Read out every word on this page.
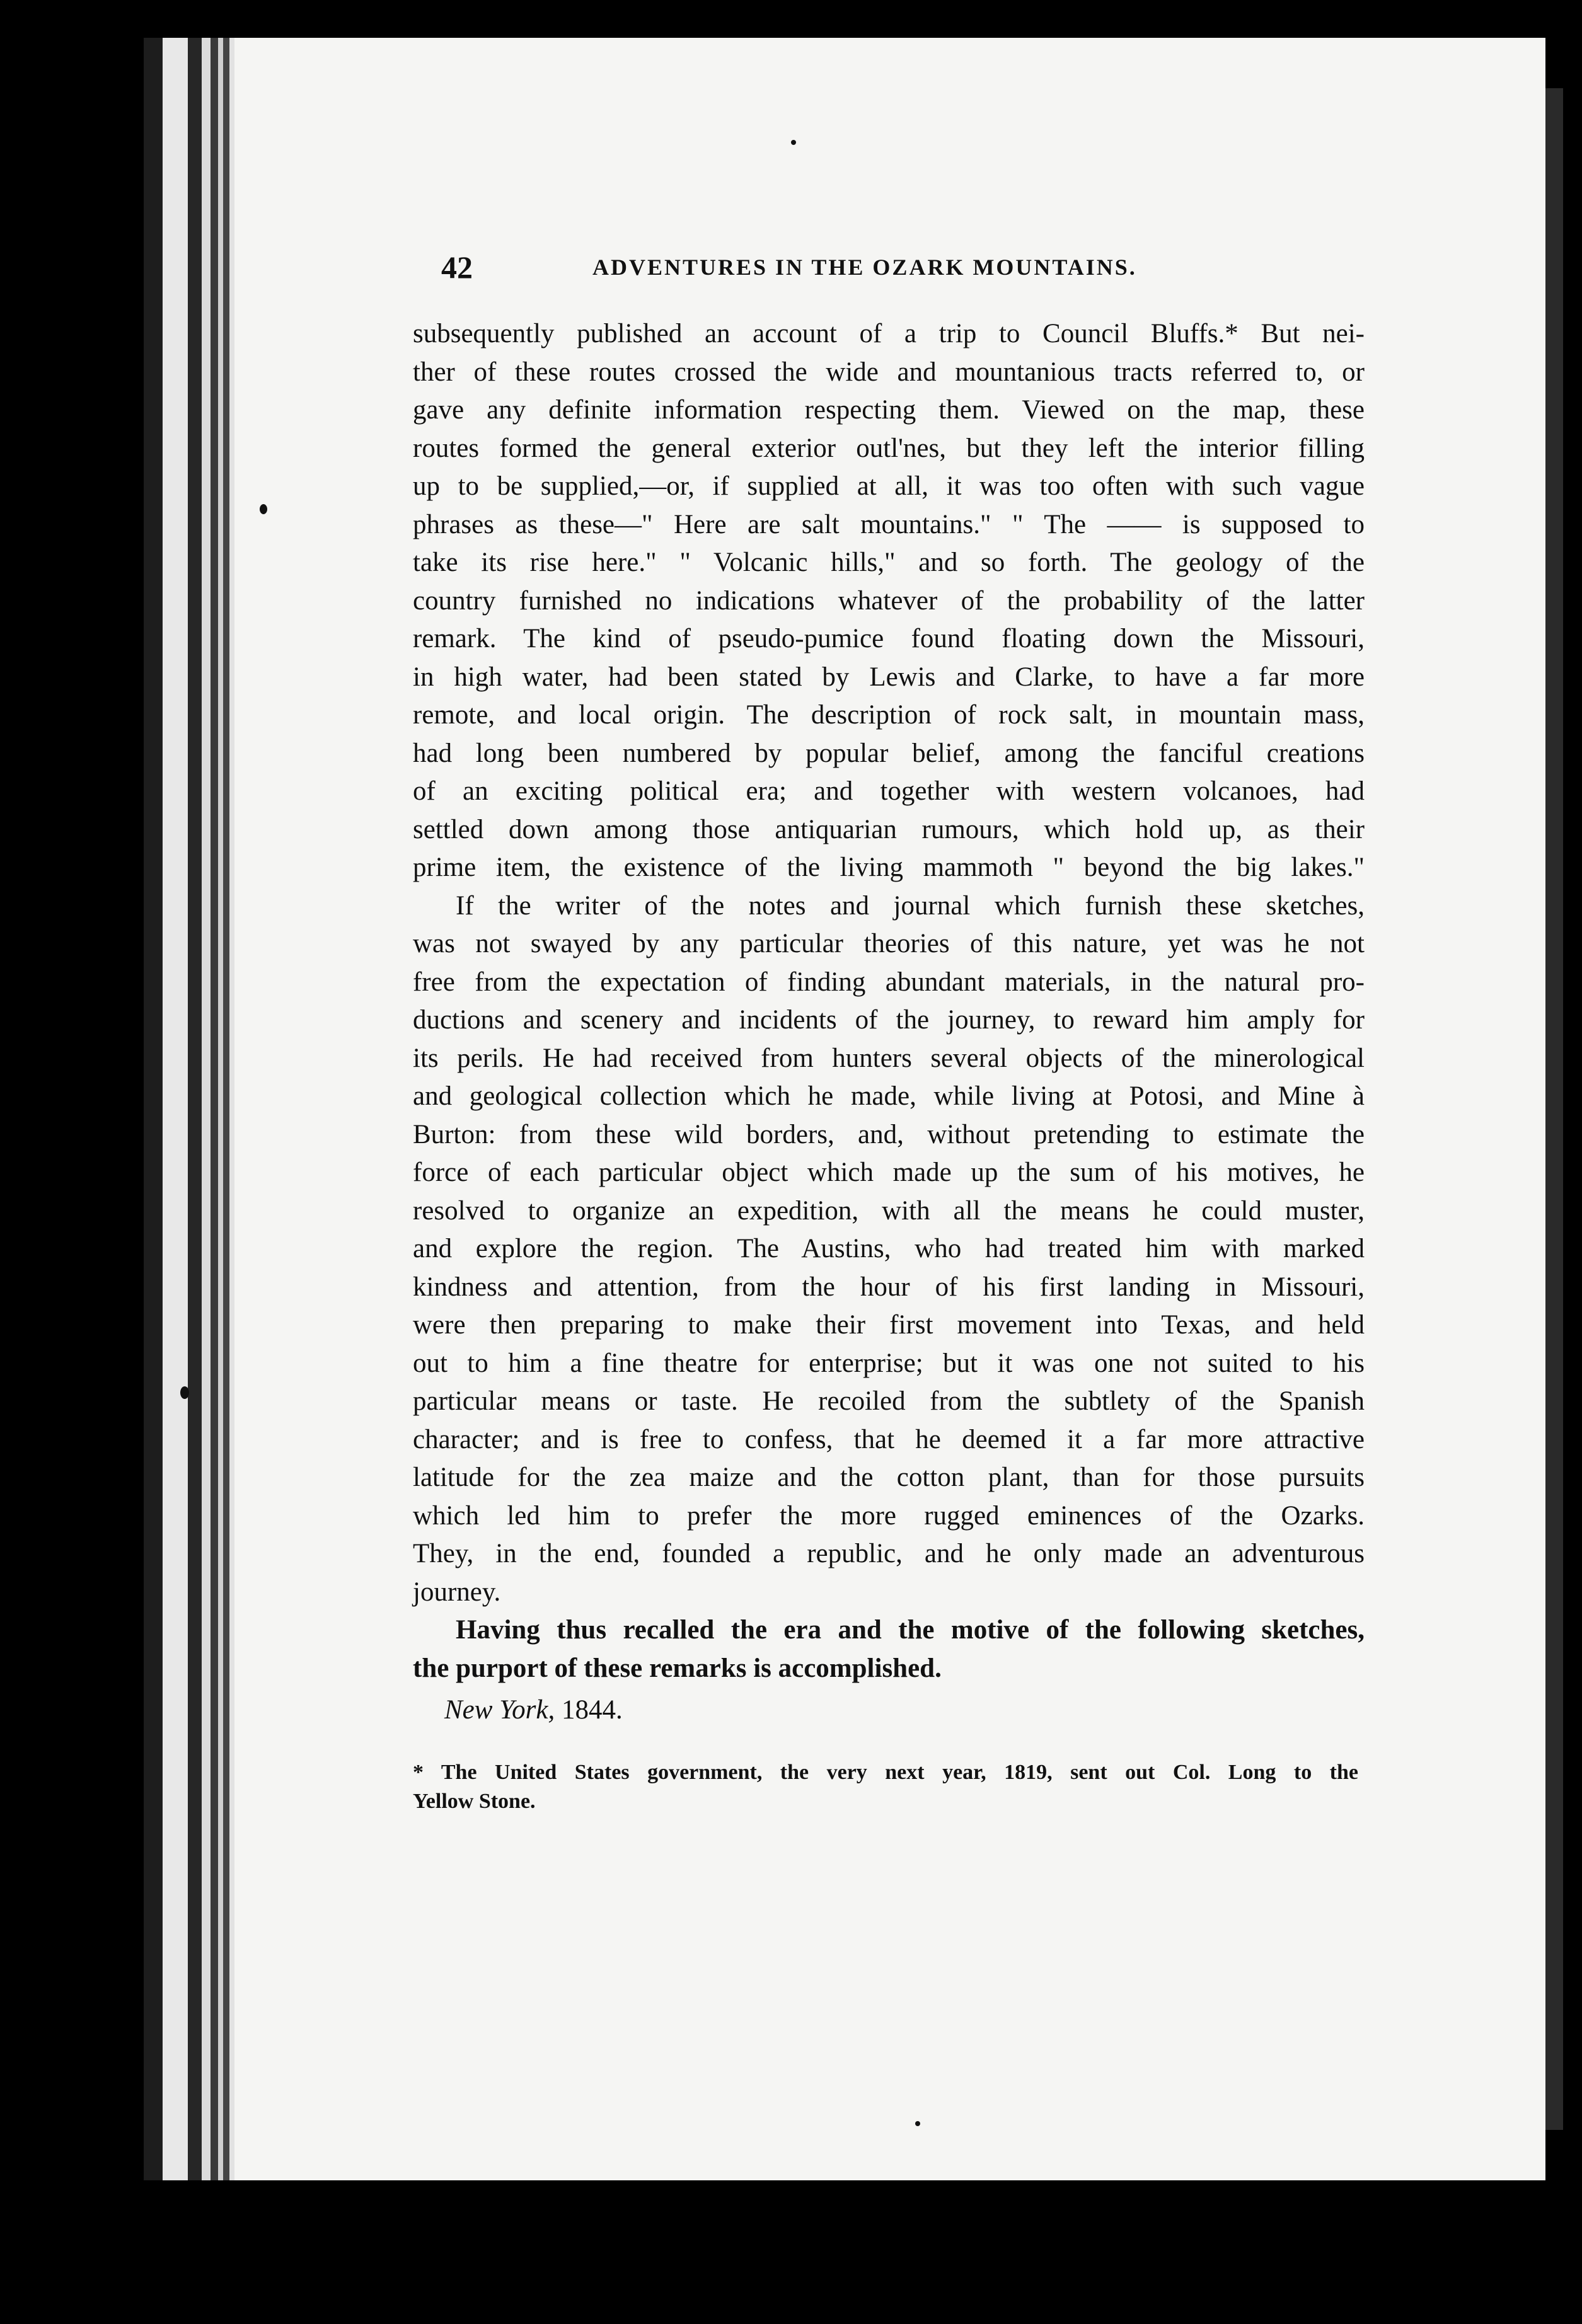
42	ADVENTURES IN THE OZARK MOUNTAINS.

subsequently published an account of a trip to Council Bluffs.* But nei-
ther of these routes crossed the wide and mountanious tracts referred to, or
gave any definite information respecting them. Viewed on the map, these
routes formed the general exterior outl'nes, but they left the interior filling
up to be supplied,—or, if supplied at all, it was too often with such vague
phrases as these—" Here are salt mountains." " The —— is supposed to
take its rise here." " Volcanic hills," and so forth. The geology of the
country furnished no indications whatever of the probability of the latter
remark. The kind of pseudo-pumice found floating down the Missouri,
in high water, had been stated by Lewis and Clarke, to have a far more
remote, and local origin. The description of rock salt, in mountain mass,
had long been numbered by popular belief, among the fanciful creations
of an exciting political era; and together with western volcanoes, had
settled down among those antiquarian rumours, which hold up, as their
prime item, the existence of the living mammoth " beyond the big lakes."

If the writer of the notes and journal which furnish these sketches,
was not swayed by any particular theories of this nature, yet was he not
free from the expectation of finding abundant materials, in the natural pro-
ductions and scenery and incidents of the journey, to reward him amply for
its perils. He had received from hunters several objects of the minerological
and geological collection which he made, while living at Potosi, and Mine à
Burton: from these wild borders, and, without pretending to estimate the
force of each particular object which made up the sum of his motives, he
resolved to organize an expedition, with all the means he could muster,
and explore the region. The Austins, who had treated him with marked
kindness and attention, from the hour of his first landing in Missouri,
were then preparing to make their first movement into Texas, and held
out to him a fine theatre for enterprise; but it was one not suited to his
particular means or taste. He recoiled from the subtlety of the Spanish
character; and is free to confess, that he deemed it a far more attractive
latitude for the zea maize and the cotton plant, than for those pursuits
which led him to prefer the more rugged eminences of the Ozarks.
They, in the end, founded a republic, and he only made an adventurous
journey.

Having thus recalled the era and the motive of the following sketches,
the purport of these remarks is accomplished.

New York, 1844.
* The United States government, the very next year, 1819, sent out Col. Long to the
Yellow Stone.
